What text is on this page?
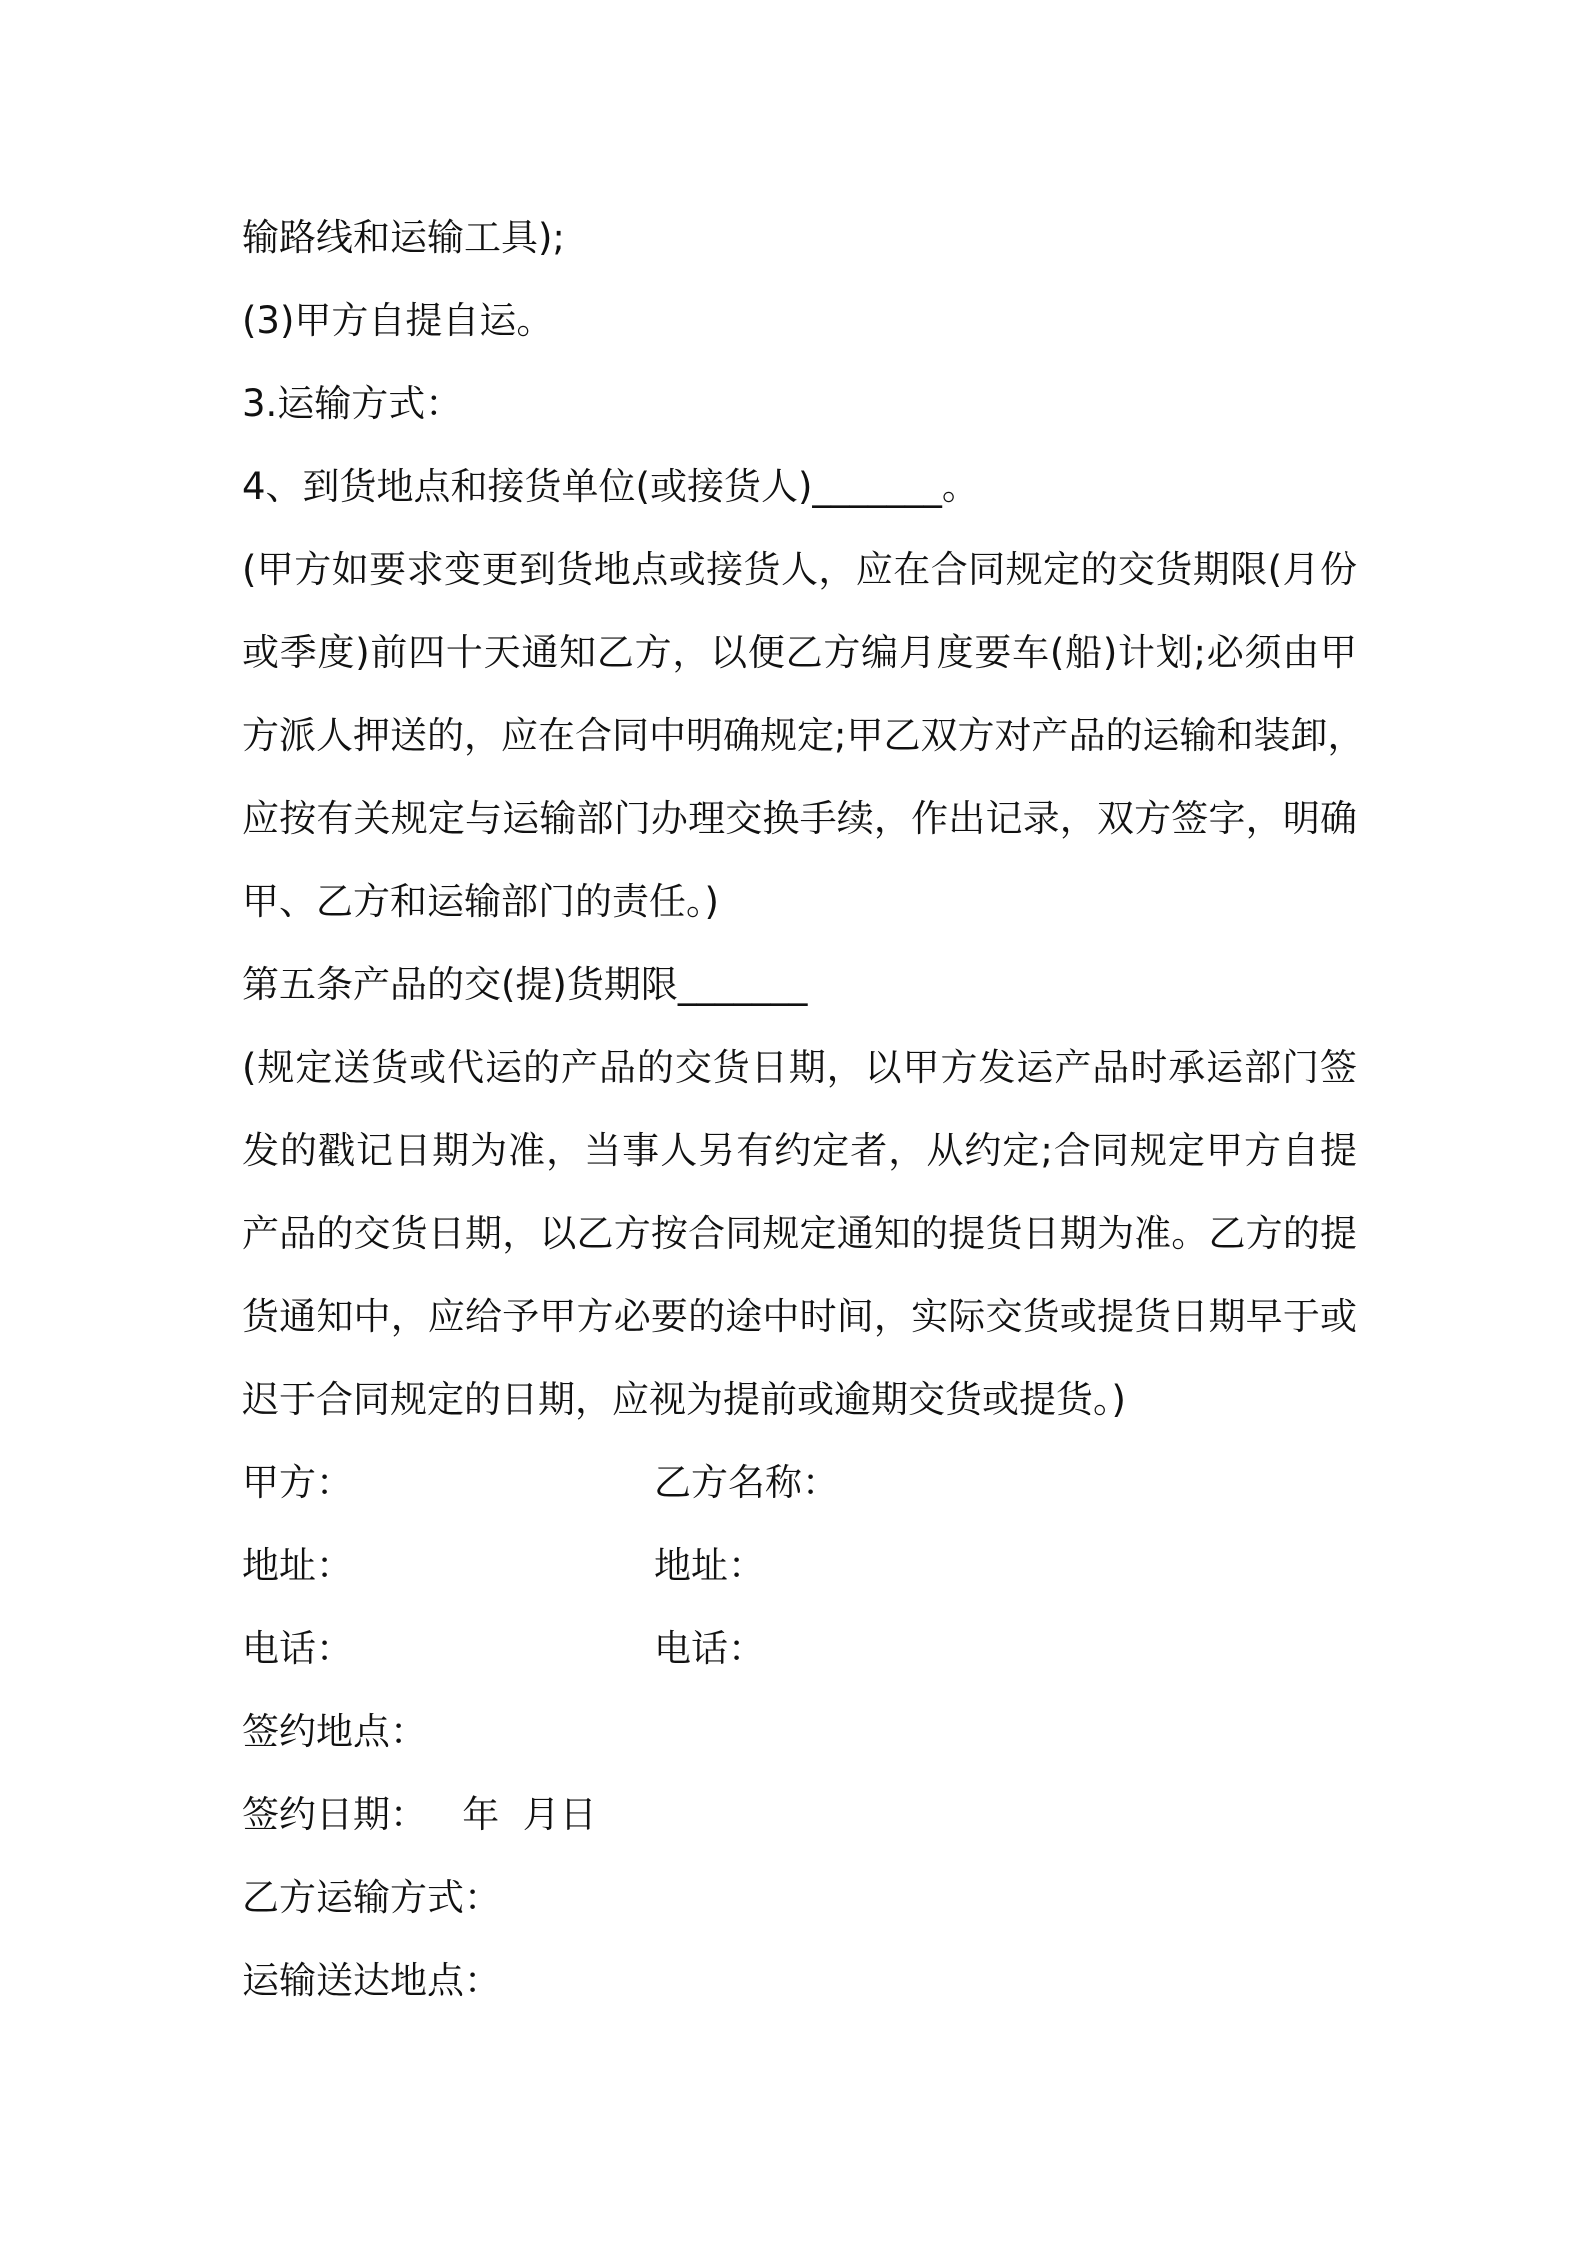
输路线和运输工具);
(3)甲方自提自运。
3.运输方式：
4、到货地点和接货单位(或接货人)_______。
(甲方如要求变更到货地点或接货人，应在合同规定的交货期限(月份
或季度)前四十天通知乙方，以便乙方编月度要车(船)计划;必须由甲
方派人押送的，应在合同中明确规定;甲乙双方对产品的运输和装卸，
应按有关规定与运输部门办理交换手续，作出记录，双方签字，明确
甲、乙方和运输部门的责任。)
第五条产品的交(提)货期限_______
(规定送货或代运的产品的交货日期，以甲方发运产品时承运部门签
发的戳记日期为准，当事人另有约定者，从约定;合同规定甲方自提
产品的交货日期，以乙方按合同规定通知的提货日期为准。乙方的提
货通知中，应给予甲方必要的途中时间，实际交货或提货日期早于或
迟于合同规定的日期，应视为提前或逾期交货或提货。)
甲方：	乙方名称：
地址：	地址：
电话：	电话：
签约地点：
签约日期：   年  月日
乙方运输方式：
运输送达地点：
